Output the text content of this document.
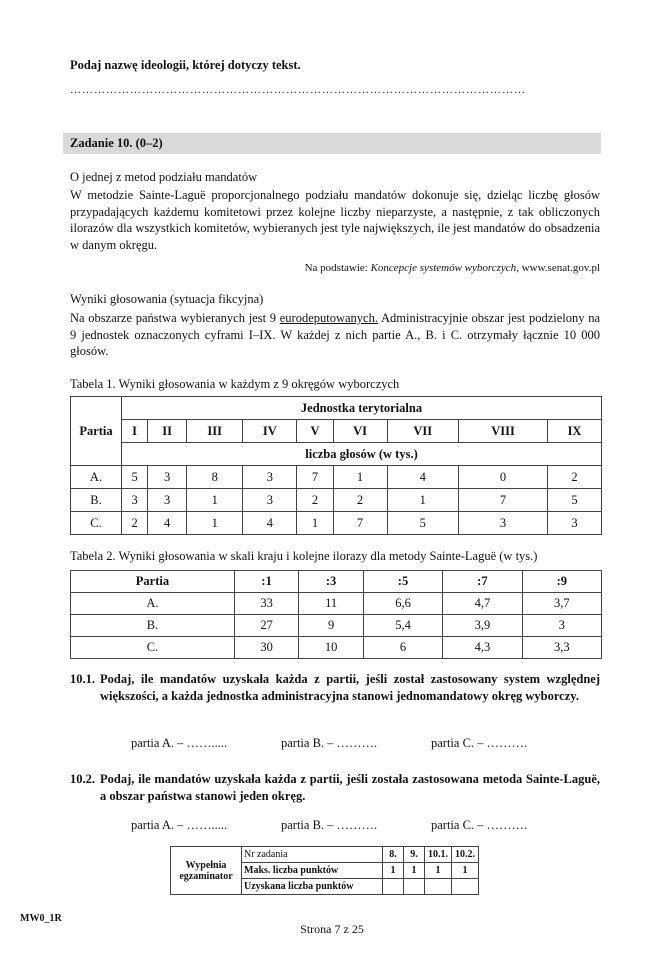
Podaj nazwę ideologii, której dotyczy tekst.
……………………………………………………………………………………………………
Zadanie 10. (0–2)
O jednej z metod podziału mandatów
W metodzie Sainte-Laguë proporcjonalnego podziału mandatów dokonuje się, dzieląc liczbę głosów przypadających każdemu komitetowi przez kolejne liczby nieparzyste, a następnie, z tak obliczonych ilorazów dla wszystkich komitetów, wybieranych jest tyle największych, ile jest mandatów do obsadzenia w danym okręgu.
Na podstawie: Koncepcje systemów wyborczych, www.senat.gov.pl
Wyniki głosowania (sytuacja fikcyjna)
Na obszarze państwa wybieranych jest 9 eurodeputowanych. Administracyjnie obszar jest podzielony na 9 jednostek oznaczonych cyframi I–IX. W każdej z nich partie A., B. i C. otrzymały łącznie 10 000 głosów.
Tabela 1. Wyniki głosowania w każdym z 9 okręgów wyborczych
Partia	Jednostka terytorialna								
	I	II	III	IV	V	VI	VII	VIII	IX
	liczba głosów (w tys.)								
A.	5	3	8	3	7	1	4	0	2
B.	3	3	1	3	2	2	1	7	5
C.	2	4	1	4	1	7	5	3	3
Tabela 2. Wyniki głosowania w skali kraju i kolejne ilorazy dla metody Sainte-Laguë (w tys.)
Partia	:1	:3	:5	:7	:9
A.	33	11	6,6	4,7	3,7
B.	27	9	5,4	3,9	3
C.	30	10	6	4,3	3,3
10.1. Podaj, ile mandatów uzyskała każda z partii, jeśli został zastosowany system względnej większości, a każda jednostka administracyjna stanowi jednomandatowy okręg wyborczy.
partia A. – …….....	partia B. – ……….	partia C. – ……….
10.2. Podaj, ile mandatów uzyskała każda z partii, jeśli została zastosowana metoda Sainte-Laguë, a obszar państwa stanowi jeden okręg.
partia A. – …….....	partia B. – ……….	partia C. – ……….
Wypełnia egzaminator	Nr zadania	8.	9.	10.1.	10.2.
	Maks. liczba punktów	1	1	1	1
	Uzyskana liczba punktów				
MW0_1R
Strona 7 z 25
